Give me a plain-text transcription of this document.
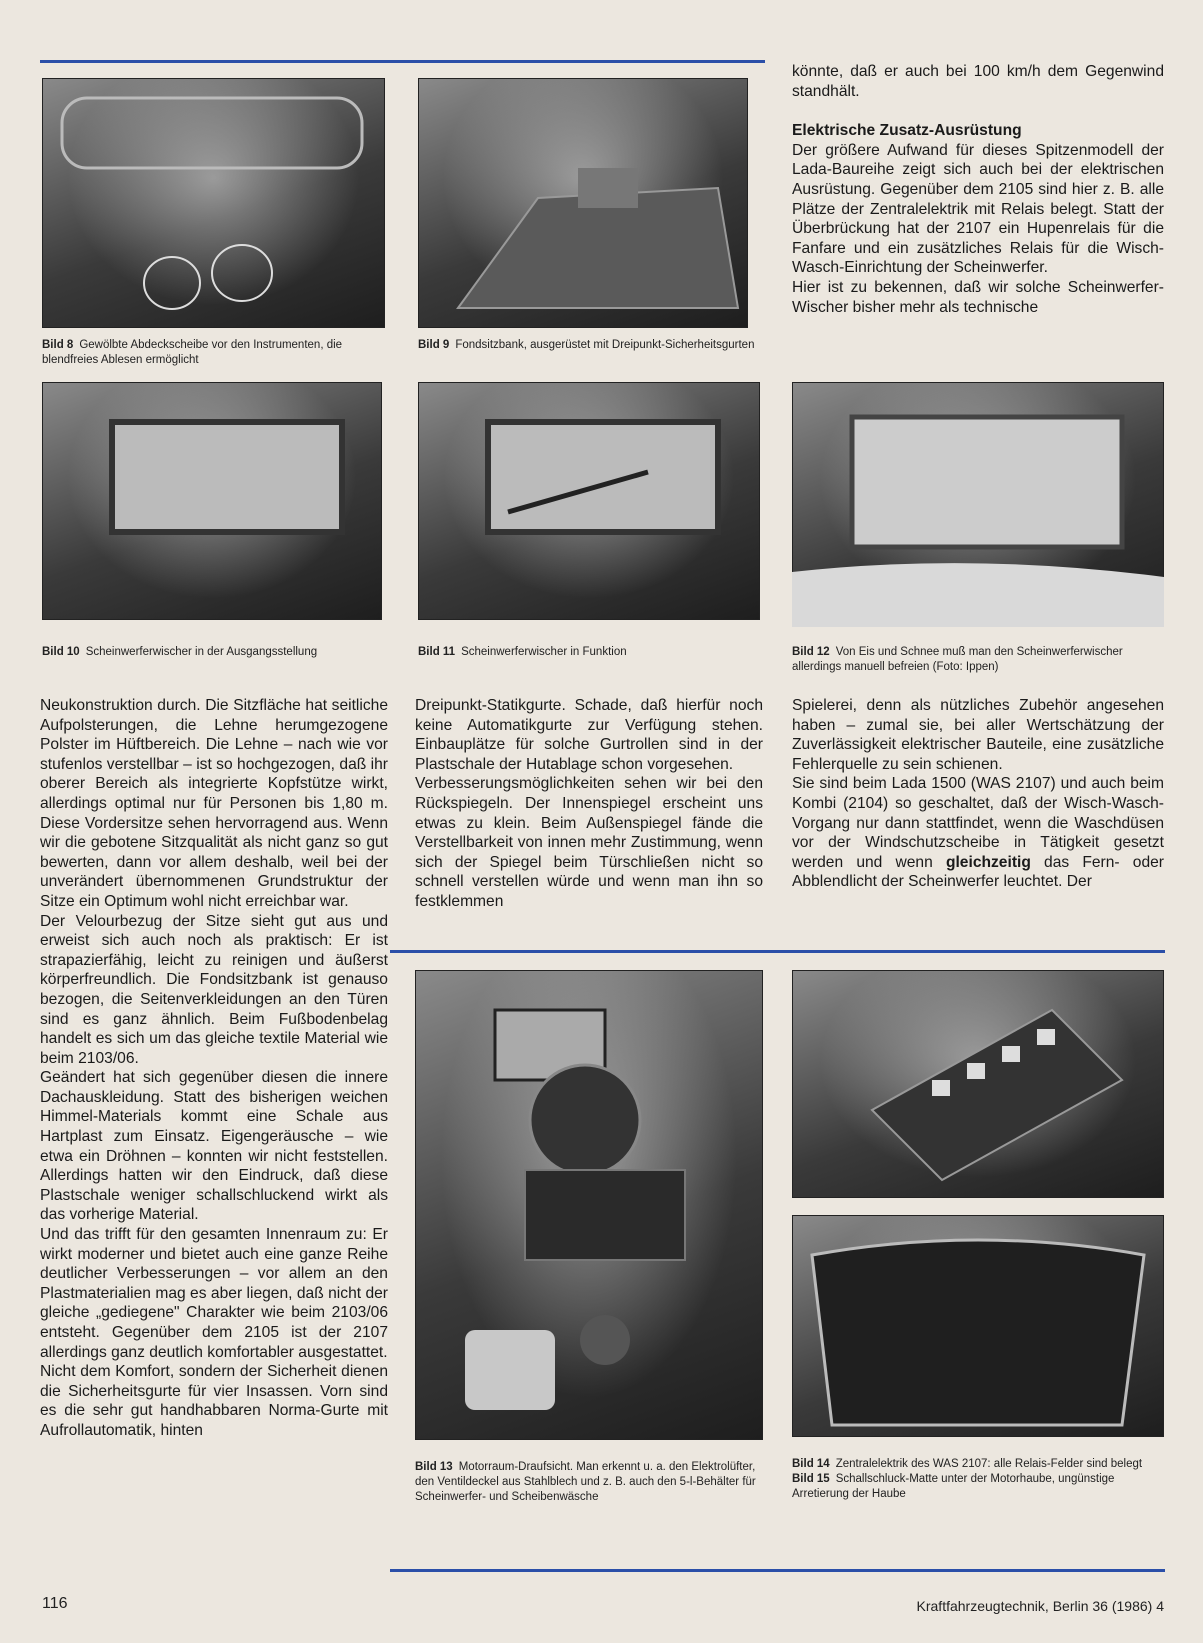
Bild 8 Gewölbte Abdeckscheibe vor den Instrumenten, die blendfreies Ablesen ermöglicht
Bild 9 Fondsitzbank, ausgerüstet mit Dreipunkt-Sicherheitsgurten

könnte, daß er auch bei 100 km/h dem Gegenwind standhält.

Elektrische Zusatz-Ausrüstung

Der größere Aufwand für dieses Spitzenmodell der Lada-Baureihe zeigt sich auch bei der elektrischen Ausrüstung. Gegenüber dem 2105 sind hier z. B. alle Plätze der Zentralelektrik mit Relais belegt. Statt der Überbrückung hat der 2107 ein Hupenrelais für die Fanfare und ein zusätzliches Relais für die Wisch-Wasch-Einrichtung der Scheinwerfer.

Hier ist zu bekennen, daß wir solche Scheinwerfer-Wischer bisher mehr als technische

Bild 10 Scheinwerferwischer in der Ausgangsstellung	Bild 11 Scheinwerferwischer in Funktion	Bild 12 Von Eis und Schnee muß man den Scheinwerferwischer allerdings manuell befreien (Foto: Ippen)

Neukonstruktion durch. Die Sitzfläche hat seitliche Aufpolsterungen, die Lehne herumgezogene Polster im Hüftbereich. Die Lehne – nach wie vor stufenlos verstellbar – ist so hochgezogen, daß ihr oberer Bereich als integrierte Kopfstütze wirkt, allerdings optimal nur für Personen bis 1,80 m. Diese Vordersitze sehen hervorragend aus. Wenn wir die gebotene Sitzqualität als nicht ganz so gut bewerten, dann vor allem deshalb, weil bei der unverändert übernommenen Grundstruktur der Sitze ein Optimum wohl nicht erreichbar war.

Der Velourbezug der Sitze sieht gut aus und erweist sich auch noch als praktisch: Er ist strapazierfähig, leicht zu reinigen und äußerst körperfreundlich. Die Fondsitzbank ist genauso bezogen, die Seitenverkleidungen an den Türen sind es ganz ähnlich. Beim Fußbodenbelag handelt es sich um das gleiche textile Material wie beim 2103/06.

Geändert hat sich gegenüber diesen die innere Dachauskleidung. Statt des bisherigen weichen Himmel-Materials kommt eine Schale aus Hartplast zum Einsatz. Eigengeräusche – wie etwa ein Dröhnen – konnten wir nicht feststellen. Allerdings hatten wir den Eindruck, daß diese Plastschale weniger schallschluckend wirkt als das vorherige Material.

Und das trifft für den gesamten Innenraum zu: Er wirkt moderner und bietet auch eine ganze Reihe deutlicher Verbesserungen – vor allem an den Plastmaterialien mag es aber liegen, daß nicht der gleiche „gediegene" Charakter wie beim 2103/06 entsteht. Gegenüber dem 2105 ist der 2107 allerdings ganz deutlich komfortabler ausgestattet.

Nicht dem Komfort, sondern der Sicherheit dienen die Sicherheitsgurte für vier Insassen. Vorn sind es die sehr gut handhabbaren Norma-Gurte mit Aufrollautomatik, hinten

Dreipunkt-Statikgurte. Schade, daß hierfür noch keine Automatikgurte zur Verfügung stehen. Einbauplätze für solche Gurtrollen sind in der Plastschale der Hutablage schon vorgesehen.

Verbesserungsmöglichkeiten sehen wir bei den Rückspiegeln. Der Innenspiegel erscheint uns etwas zu klein. Beim Außenspiegel fände die Verstellbarkeit von innen mehr Zustimmung, wenn sich der Spiegel beim Türschließen nicht so schnell verstellen würde und wenn man ihn so festklemmen

Spielerei, denn als nützliches Zubehör angesehen haben – zumal sie, bei aller Wertschätzung der Zuverlässigkeit elektrischer Bauteile, eine zusätzliche Fehlerquelle zu sein schienen.

Sie sind beim Lada 1500 (WAS 2107) und auch beim Kombi (2104) so geschaltet, daß der Wisch-Wasch-Vorgang nur dann stattfindet, wenn die Waschdüsen vor der Windschutzscheibe in Tätigkeit gesetzt werden und wenn gleichzeitig das Fern- oder Abblendlicht der Scheinwerfer leuchtet. Der

Bild 13 Motorraum-Draufsicht. Man erkennt u. a. den Elektrolüfter, den Ventildeckel aus Stahlblech und z. B. auch den 5-l-Behälter für Scheinwerfer- und Scheibenwäsche
Bild 14 Zentralelektrik des WAS 2107: alle Relais-Felder sind belegt
Bild 15 Schallschluck-Matte unter der Motorhaube, ungünstige Arretierung der Haube
116	Kraftfahrzeugtechnik, Berlin 36 (1986) 4
